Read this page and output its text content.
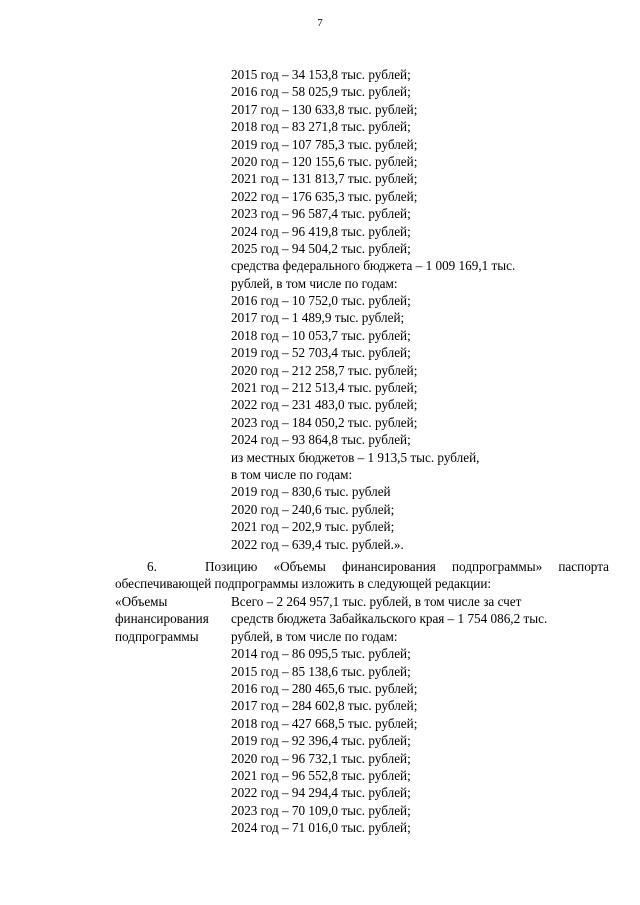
7
2015 год – 34 153,8 тыс. рублей;
2016 год – 58 025,9 тыс. рублей;
2017 год – 130 633,8 тыс. рублей;
2018 год – 83 271,8 тыс. рублей;
2019 год – 107 785,3 тыс. рублей;
2020 год – 120 155,6 тыс. рублей;
2021 год – 131 813,7 тыс. рублей;
2022 год – 176 635,3 тыс. рублей;
2023 год – 96 587,4 тыс. рублей;
2024 год – 96 419,8 тыс. рублей;
2025 год – 94 504,2 тыс. рублей;
средства федерального бюджета – 1 009 169,1 тыс.
рублей, в том числе по годам:
2016 год – 10 752,0 тыс. рублей;
2017 год – 1 489,9 тыс. рублей;
2018 год – 10 053,7 тыс. рублей;
2019 год – 52 703,4 тыс. рублей;
2020 год – 212 258,7 тыс. рублей;
2021 год – 212 513,4 тыс. рублей;
2022 год – 231 483,0 тыс. рублей;
2023 год – 184 050,2 тыс. рублей;
2024 год – 93 864,8 тыс. рублей;
из местных бюджетов – 1 913,5 тыс. рублей,
в том числе по годам:
2019 год – 830,6 тыс. рублей
2020 год – 240,6 тыс. рублей;
2021 год – 202,9 тыс. рублей;
2022 год – 639,4 тыс. рублей.».
6.	Позицию «Объемы финансирования подпрограммы» паспорта
обеспечивающей подпрограммы изложить в следующей редакции:
«Объемы
финансирования
подпрограммы
Всего – 2 264 957,1 тыс. рублей, в том числе за счет
средств бюджета Забайкальского края – 1 754 086,2 тыс.
рублей, в том числе по годам:
2014 год – 86 095,5 тыс. рублей;
2015 год – 85 138,6 тыс. рублей;
2016 год – 280 465,6 тыс. рублей;
2017 год – 284 602,8 тыс. рублей;
2018 год – 427 668,5 тыс. рублей;
2019 год – 92 396,4 тыс. рублей;
2020 год – 96 732,1 тыс. рублей;
2021 год – 96 552,8 тыс. рублей;
2022 год – 94 294,4 тыс. рублей;
2023 год – 70 109,0 тыс. рублей;
2024 год – 71 016,0 тыс. рублей;
